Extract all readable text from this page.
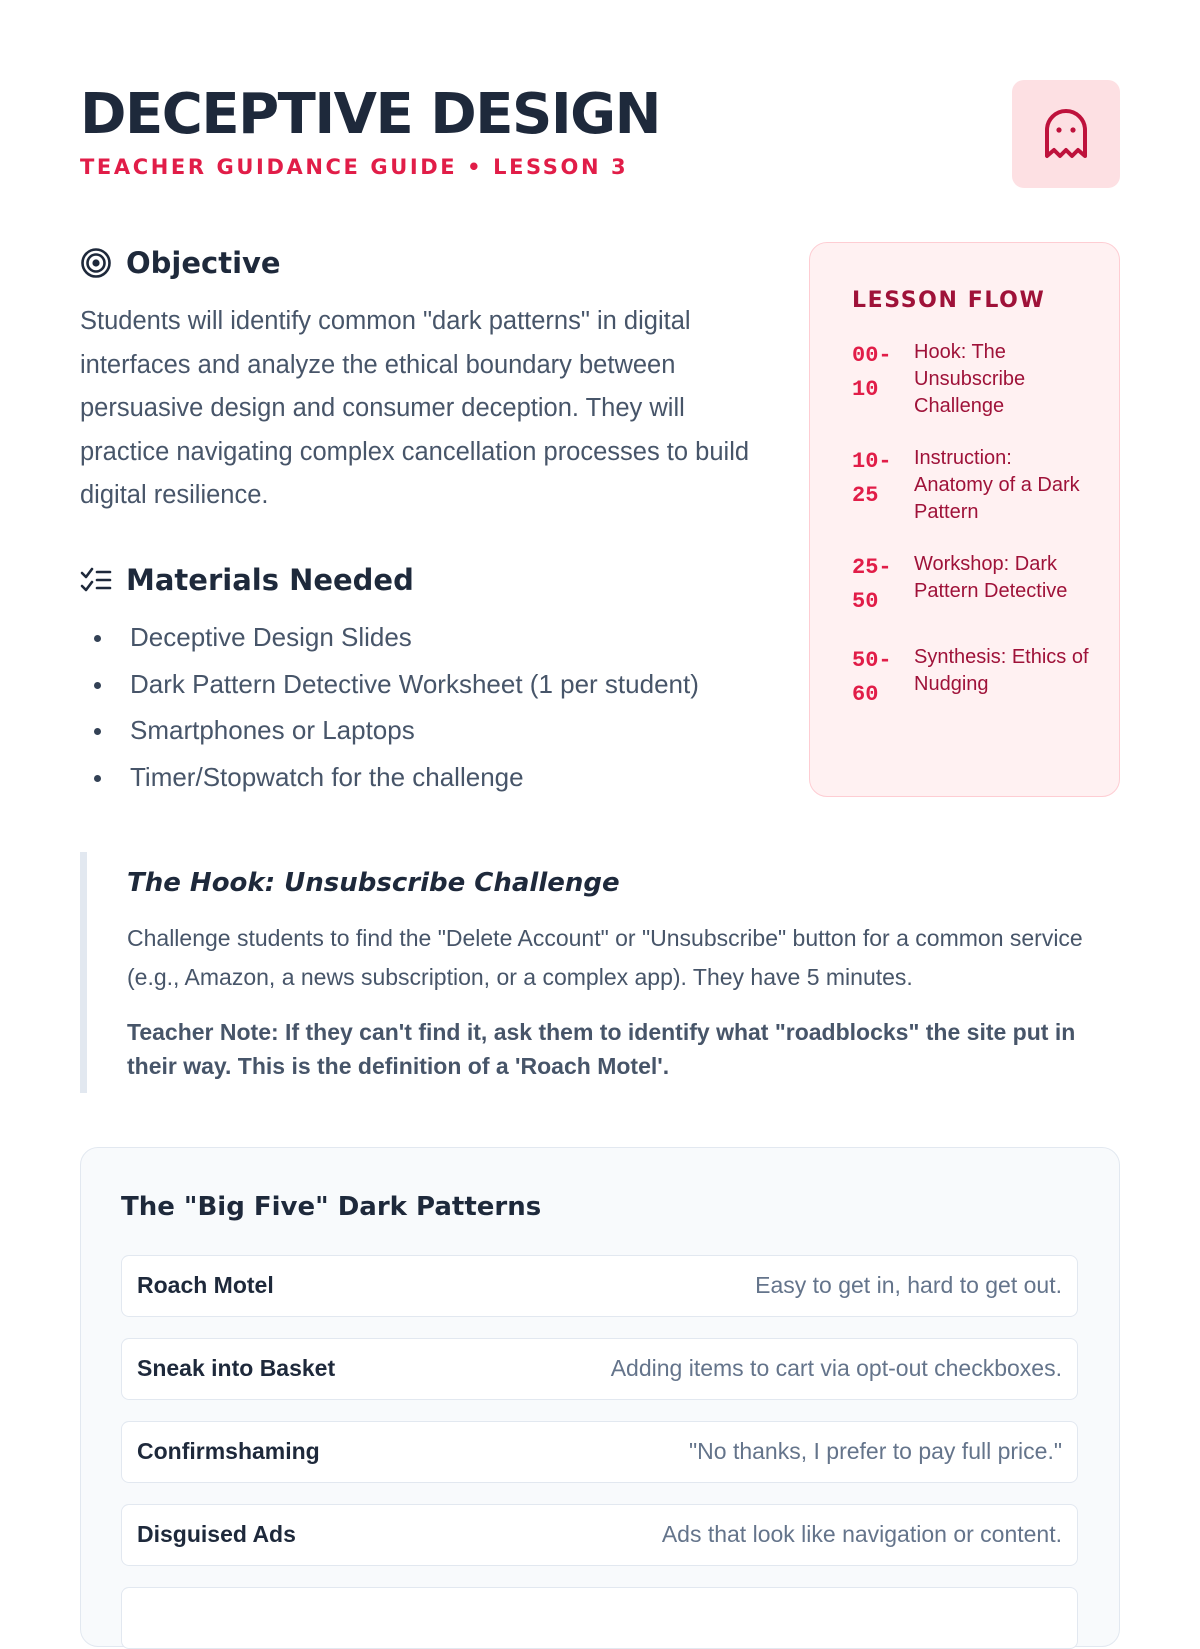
DECEPTIVE DESIGN
TEACHER GUIDANCE GUIDE • LESSON 3
Objective

Students will identify common "dark patterns" in digital interfaces and analyze the ethical boundary between persuasive design and consumer deception. They will practice navigating complex cancellation processes to build digital resilience.

Materials Needed
Deceptive Design Slides
Dark Pattern Detective Worksheet (1 per student)
Smartphones or Laptops
Timer/Stopwatch for the challenge
LESSON FLOW
00-10
Hook: The Unsubscribe Challenge
10-25
Instruction: Anatomy of a Dark Pattern
25-50
Workshop: Dark Pattern Detective
50-60
Synthesis: Ethics of Nudging
The Hook: Unsubscribe Challenge

Challenge students to find the "Delete Account" or "Unsubscribe" button for a common service (e.g., Amazon, a news subscription, or a complex app). They have 5 minutes.

Teacher Note: If they can't find it, ask them to identify what "roadblocks" the site put in their way. This is the definition of a 'Roach Motel'.

The "Big Five" Dark Patterns
Roach Motel	Easy to get in, hard to get out.
Sneak into Basket	Adding items to cart via opt-out checkboxes.
Confirmshaming	"No thanks, I prefer to pay full price."
Disguised Ads	Ads that look like navigation or content.
